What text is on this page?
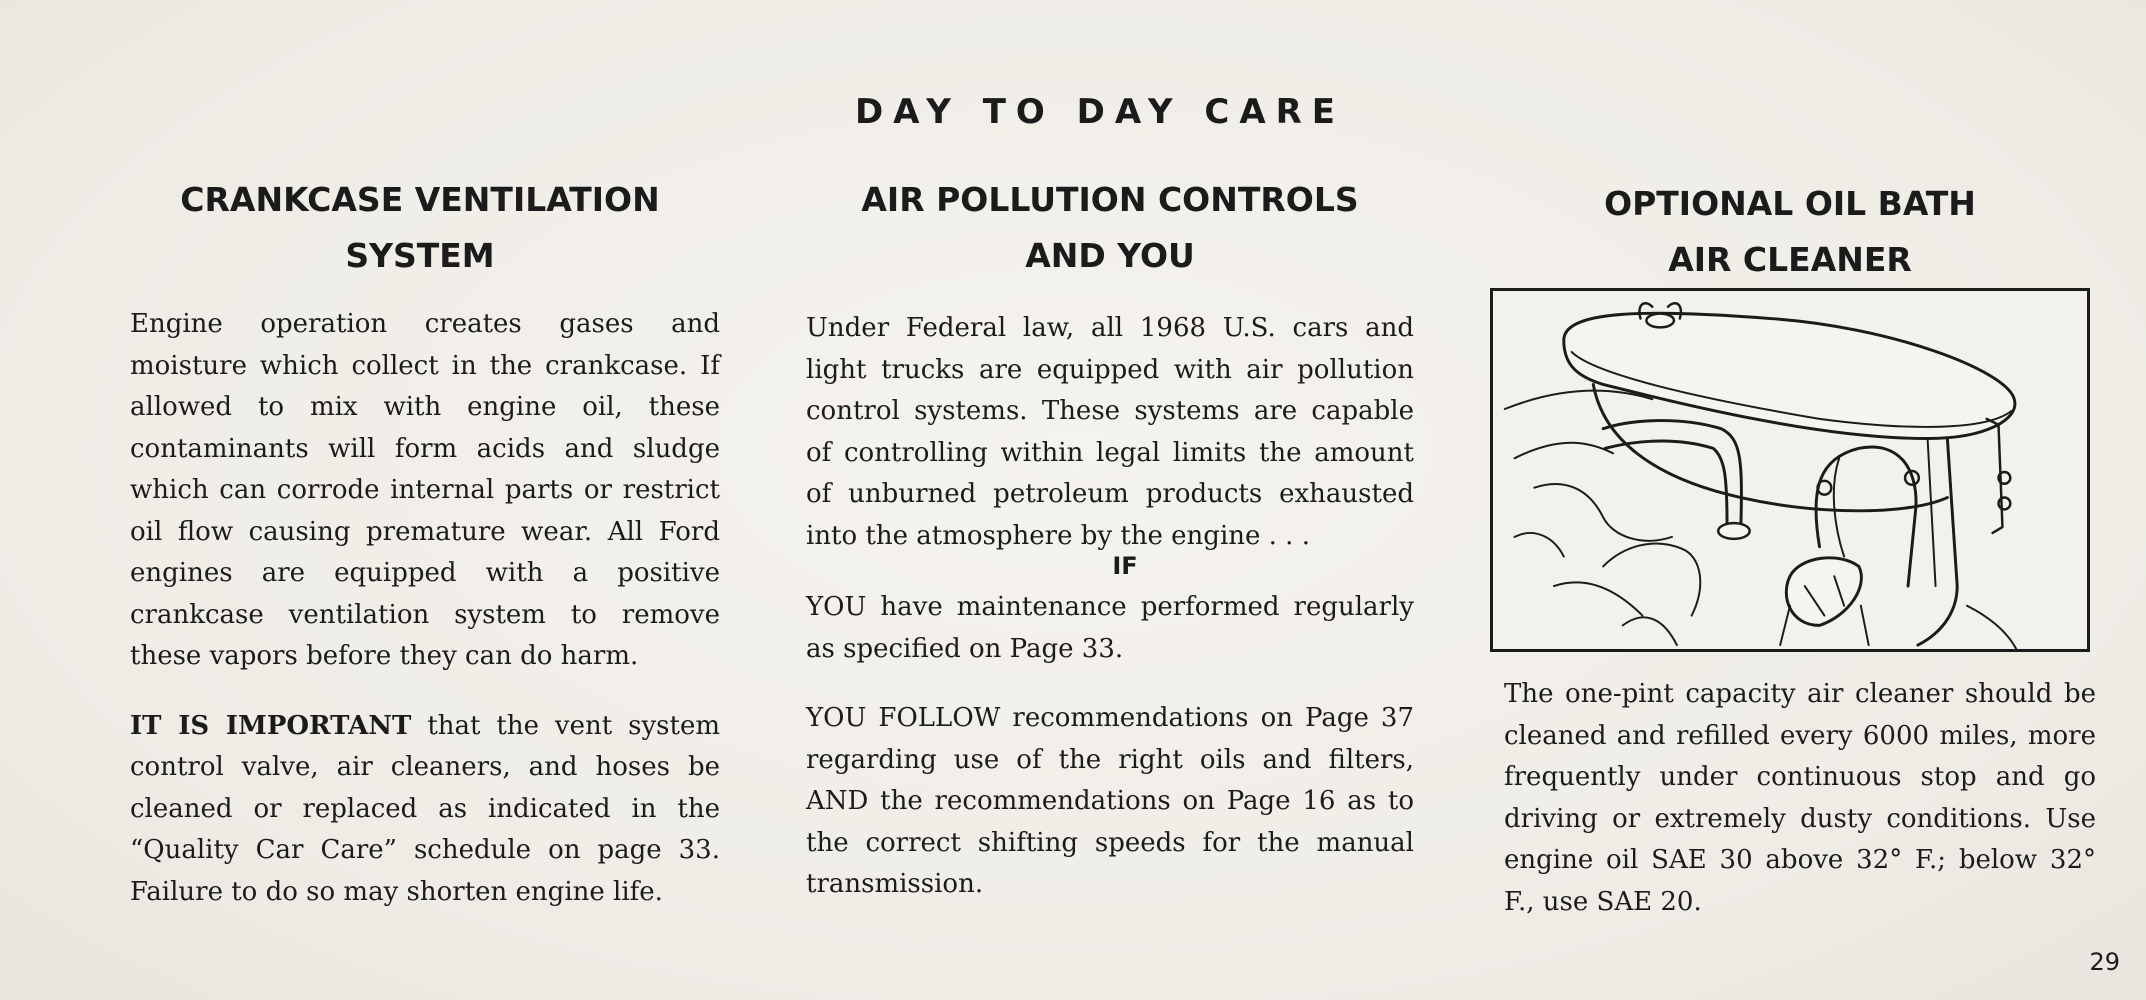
DAY TO DAY CARE
CRANKCASE VENTILATION
SYSTEM

Engine operation creates gases and moisture which collect in the crankcase. If allowed to mix with engine oil, these contaminants will form acids and sludge which can corrode internal parts or restrict oil flow causing premature wear. All Ford engines are equipped with a positive crankcase ventilation system to remove these vapors before they can do harm.

IT IS IMPORTANT that the vent system control valve, air cleaners, and hoses be cleaned or replaced as indicated in the “Quality Car Care” schedule on page 33. Failure to do so may shorten engine life.

AIR POLLUTION CONTROLS
AND YOU

Under Federal law, all 1968 U.S. cars and light trucks are equipped with air pollution control systems. These systems are capable of controlling within legal limits the amount of unburned petroleum products exhausted into the atmosphere by the engine . . .

IF

YOU have maintenance performed regularly as specified on Page 33.

YOU FOLLOW recommendations on Page 37 regarding use of the right oils and filters, AND the recommendations on Page 16 as to the correct shifting speeds for the manual transmission.

OPTIONAL OIL BATH
AIR CLEANER

The one-pint capacity air cleaner should be cleaned and refilled every 6000 miles, more frequently under continuous stop and go driving or extremely dusty conditions. Use engine oil SAE 30 above 32° F.; below 32° F., use SAE 20.

29
